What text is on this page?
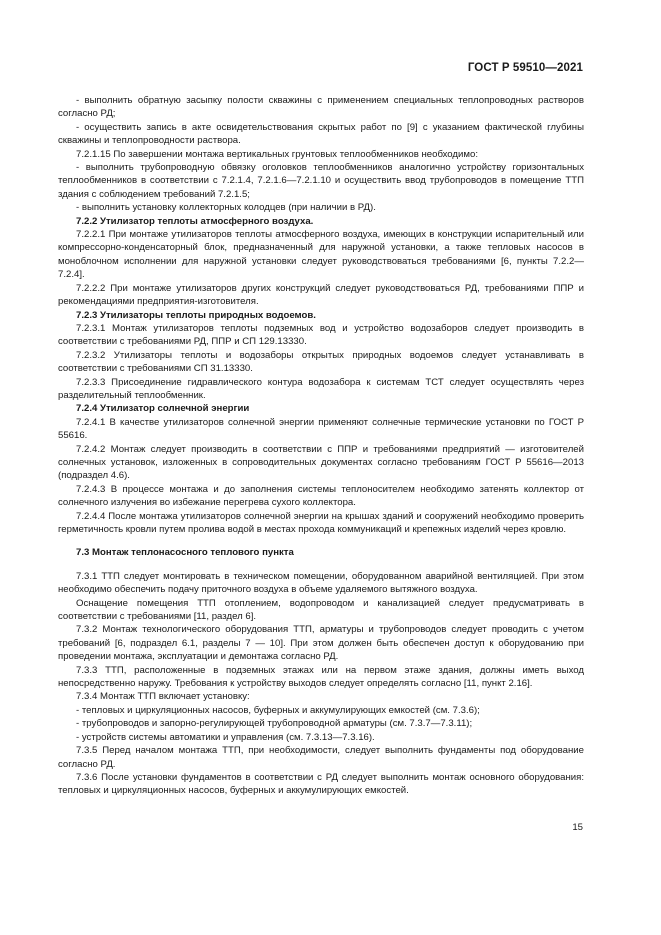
ГОСТ Р 59510—2021

- выполнить обратную засыпку полости скважины с применением специальных теплопроводных растворов согласно РД;

- осуществить запись в акте освидетельствования скрытых работ по [9] с указанием фактической глубины скважины и теплопроводности раствора.

7.2.1.15 По завершении монтажа вертикальных грунтовых теплообменников необходимо:

- выполнить трубопроводную обвязку оголовков теплообменников аналогично устройству горизонтальных теплообменников в соответствии с 7.2.1.4, 7.2.1.6—7.2.1.10 и осуществить ввод трубопроводов в помещение ТТП здания с соблюдением требований 7.2.1.5;

- выполнить установку коллекторных колодцев (при наличии в РД).

7.2.2 Утилизатор теплоты атмосферного воздуха.

7.2.2.1 При монтаже утилизаторов теплоты атмосферного воздуха, имеющих в конструкции испарительный или компрессорно-конденсаторный блок, предназначенный для наружной установки, а также тепловых насосов в моноблочном исполнении для наружной установки следует руководствоваться требованиями [6, пункты 7.2.2—7.2.4].

7.2.2.2 При монтаже утилизаторов других конструкций следует руководствоваться РД, требованиями ППР и рекомендациями предприятия-изготовителя.

7.2.3 Утилизаторы теплоты природных водоемов.

7.2.3.1 Монтаж утилизаторов теплоты подземных вод и устройство водозаборов следует производить в соответствии с требованиями РД, ППР и СП 129.13330.

7.2.3.2 Утилизаторы теплоты и водозаборы открытых природных водоемов следует устанавливать в соответствии с требованиями СП 31.13330.

7.2.3.3 Присоединение гидравлического контура водозабора к системам ТСТ следует осуществлять через разделительный теплообменник.

7.2.4 Утилизатор солнечной энергии

7.2.4.1 В качестве утилизаторов солнечной энергии применяют солнечные термические установки по ГОСТ Р 55616.

7.2.4.2 Монтаж следует производить в соответствии с ППР и требованиями предприятий — изготовителей солнечных установок, изложенных в сопроводительных документах согласно требованиям ГОСТ Р 55616—2013 (подраздел 4.6).

7.2.4.3 В процессе монтажа и до заполнения системы теплоносителем необходимо затенять коллектор от солнечного излучения во избежание перегрева сухого коллектора.

7.2.4.4 После монтажа утилизаторов солнечной энергии на крышах зданий и сооружений необходимо проверить герметичность кровли путем пролива водой в местах прохода коммуникаций и крепежных изделий через кровлю.

7.3 Монтаж теплонасосного теплового пункта

7.3.1 ТТП следует монтировать в техническом помещении, оборудованном аварийной вентиляцией. При этом необходимо обеспечить подачу приточного воздуха в объеме удаляемого вытяжного воздуха.

Оснащение помещения ТТП отоплением, водопроводом и канализацией следует предусматривать в соответствии с требованиями [11, раздел 6].

7.3.2 Монтаж технологического оборудования ТТП, арматуры и трубопроводов следует проводить с учетом требований [6, подраздел 6.1, разделы 7 — 10]. При этом должен быть обеспечен доступ к оборудованию при проведении монтажа, эксплуатации и демонтажа согласно РД.

7.3.3 ТТП, расположенные в подземных этажах или на первом этаже здания, должны иметь выход непосредственно наружу. Требования к устройству выходов следует определять согласно [11, пункт 2.16].

7.3.4 Монтаж ТТП включает установку:

- тепловых и циркуляционных насосов, буферных и аккумулирующих емкостей (см. 7.3.6);

- трубопроводов и запорно-регулирующей трубопроводной арматуры (см. 7.3.7—7.3.11);

- устройств системы автоматики и управления (см. 7.3.13—7.3.16).

7.3.5 Перед началом монтажа ТТП, при необходимости, следует выполнить фундаменты под оборудование согласно РД.

7.3.6 После установки фундаментов в соответствии с РД следует выполнить монтаж основного оборудования: тепловых и циркуляционных насосов, буферных и аккумулирующих емкостей.

15
